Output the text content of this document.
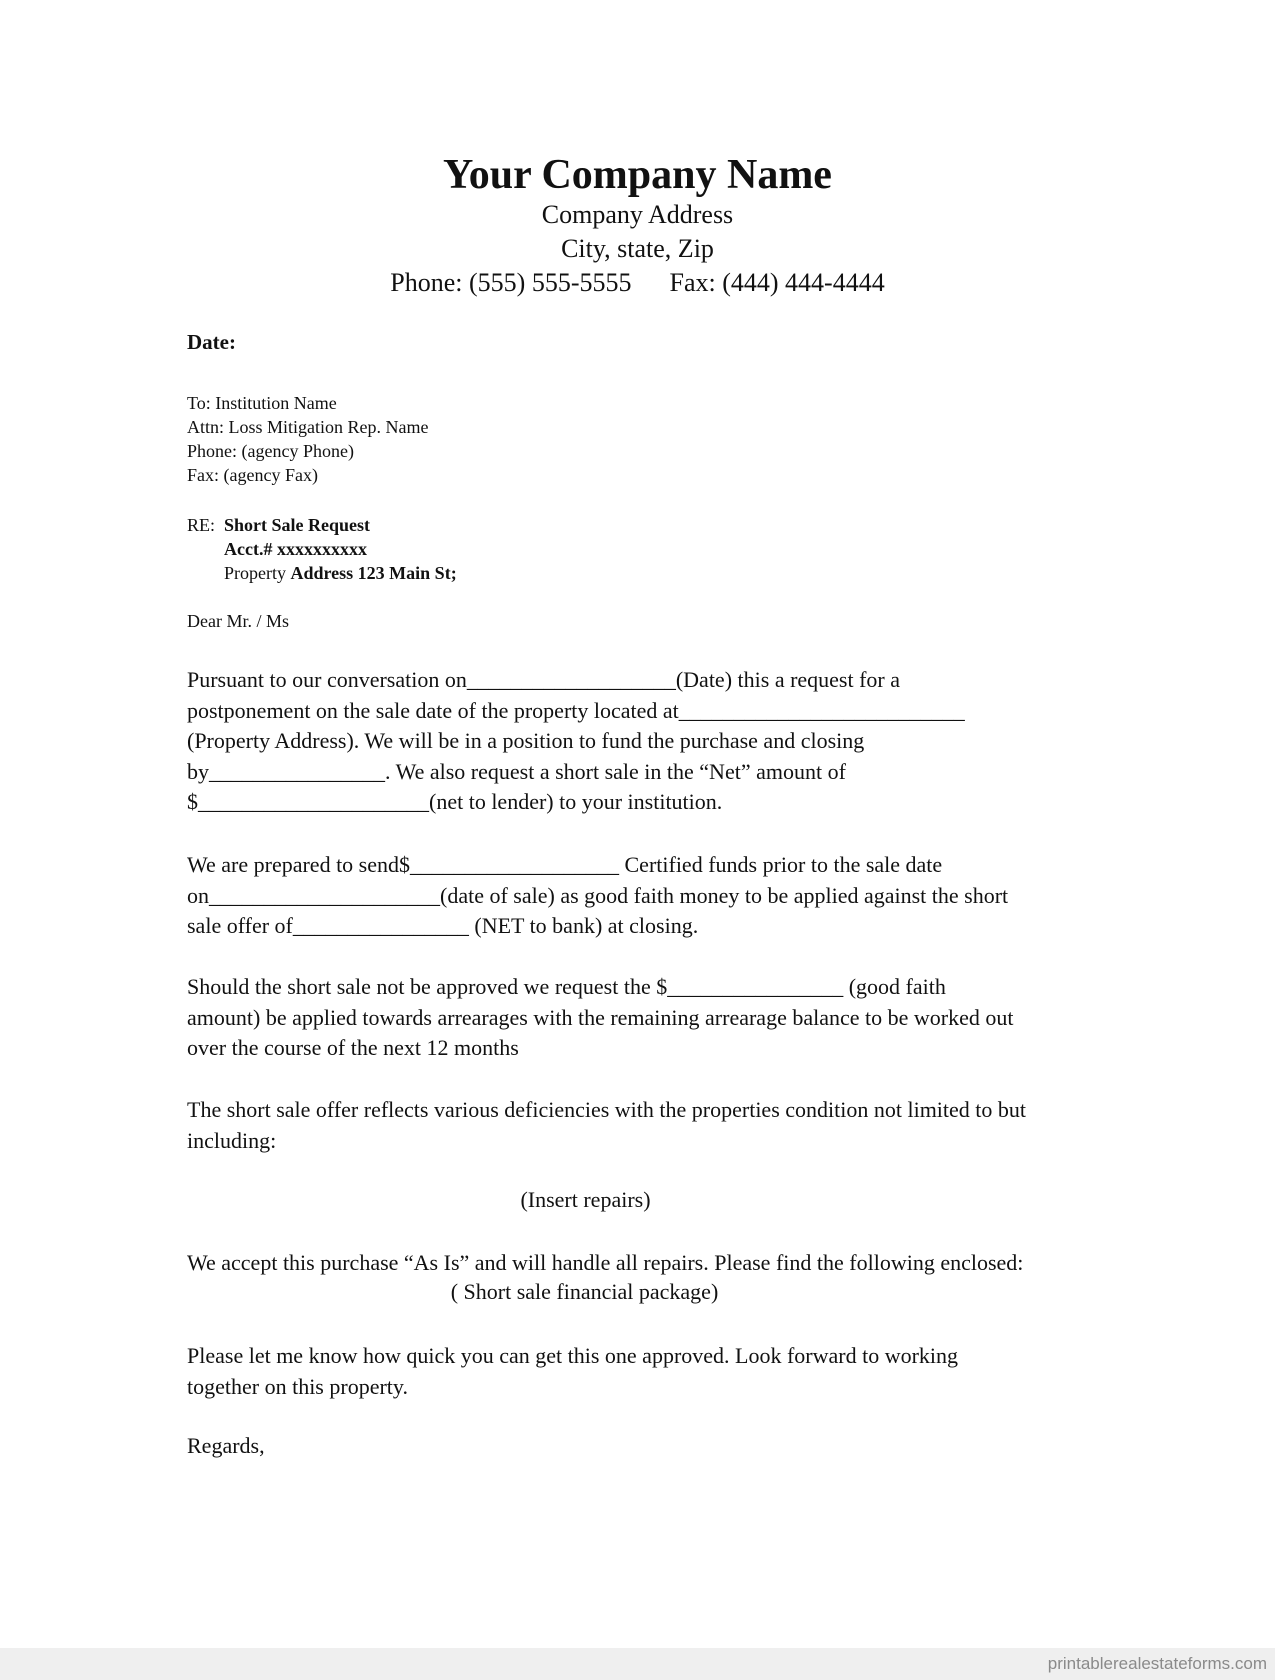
Your Company Name
Company Address
City, state, Zip
Phone: (555) 555-5555 Fax: (444) 444-4444
Date:
To: Institution Name
Attn: Loss Mitigation Rep. Name
Phone: (agency Phone)
Fax: (agency Fax)
RE: Short Sale Request
Acct.# xxxxxxxxxx
Property Address 123 Main St;
Dear Mr. / Ms
Pursuant to our conversation on___________________(Date) this a request for a
postponement on the sale date of the property located at__________________________
(Property Address). We will be in a position to fund the purchase and closing
by________________. We also request a short sale in the “Net” amount of
$_____________________(net to lender) to your institution.
We are prepared to send$___________________ Certified funds prior to the sale date
on_____________________(date of sale) as good faith money to be applied against the short
sale offer of________________ (NET to bank) at closing.
Should the short sale not be approved we request the $________________ (good faith
amount) be applied towards arrearages with the remaining arrearage balance to be worked out
over the course of the next 12 months
The short sale offer reflects various deficiencies with the properties condition not limited to but
including:
(Insert repairs)
We accept this purchase “As Is” and will handle all repairs. Please find the following enclosed:
( Short sale financial package)
Please let me know how quick you can get this one approved. Look forward to working
together on this property.
Regards,
printablerealestateforms.com
